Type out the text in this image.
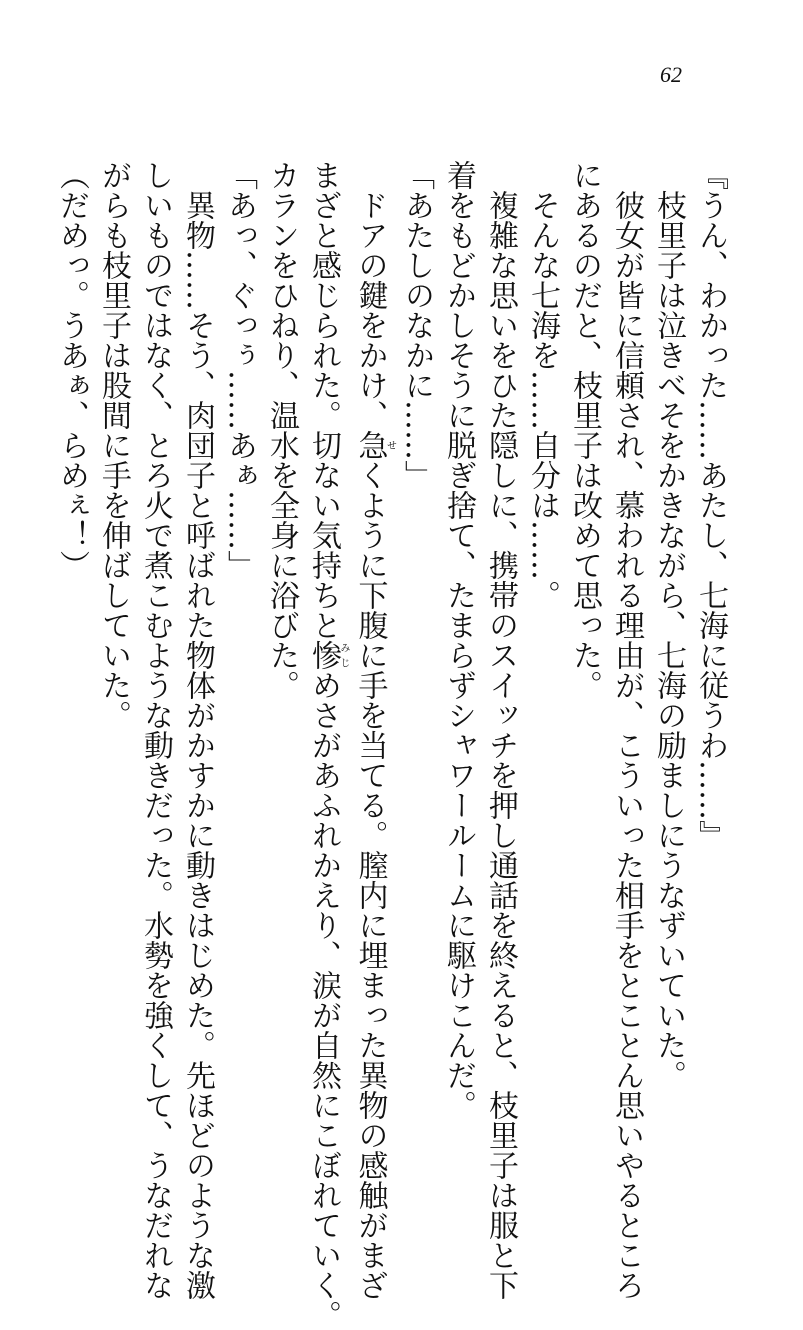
62
『うん、わかった……あたし、七海に従うわ……』
　枝里子は泣きべそをかきながら、七海の励ましにうなずいていた。
　彼女が皆に信頼され、慕われる理由が、こういった相手をとことん思いやるところ
にあるのだと、枝里子は改めて思った。
　そんな七海を……自分は……。
　複雑な思いをひた隠しに、携帯のスイッチを押し通話を終えると、枝里子は服と下
着をもどかしそうに脱ぎ捨て、たまらずシャワールームに駆けこんだ。
「あたしのなかに……」
　ドアの鍵をかけ、急せくように下腹に手を当てる。膣内に埋まった異物の感触がまざ
まざと感じられた。切ない気持ちと惨みじめさがあふれかえり、涙が自然にこぼれていく。
カランをひねり、温水を全身に浴びた。
「あっ、ぐっぅ……あぁ……」
　異物……そう、肉団子と呼ばれた物体がかすかに動きはじめた。先ほどのような激
しいものではなく、とろ火で煮こむような動きだった。水勢を強くして、うなだれな
がらも枝里子は股間に手を伸ばしていた。
（だめっ。うあぁ、らめぇ！）
